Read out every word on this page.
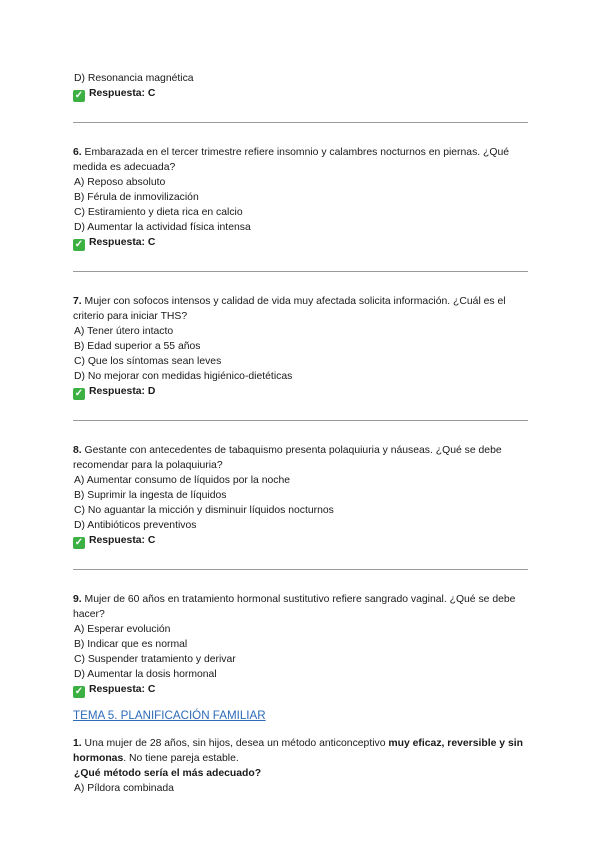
D) Resonancia magnética
✓ Respuesta: C
6. Embarazada en el tercer trimestre refiere insomnio y calambres nocturnos en piernas. ¿Qué medida es adecuada?
A) Reposo absoluto
B) Férula de inmovilización
C) Estiramiento y dieta rica en calcio
D) Aumentar la actividad física intensa
✓ Respuesta: C
7. Mujer con sofocos intensos y calidad de vida muy afectada solicita información. ¿Cuál es el criterio para iniciar THS?
A) Tener útero intacto
B) Edad superior a 55 años
C) Que los síntomas sean leves
D) No mejorar con medidas higiénico-dietéticas
✓ Respuesta: D
8. Gestante con antecedentes de tabaquismo presenta polaquiuria y náuseas. ¿Qué se debe recomendar para la polaquiuria?
A) Aumentar consumo de líquidos por la noche
B) Suprimir la ingesta de líquidos
C) No aguantar la micción y disminuir líquidos nocturnos
D) Antibióticos preventivos
✓ Respuesta: C
9. Mujer de 60 años en tratamiento hormonal sustitutivo refiere sangrado vaginal. ¿Qué se debe hacer?
A) Esperar evolución
B) Indicar que es normal
C) Suspender tratamiento y derivar
D) Aumentar la dosis hormonal
✓ Respuesta: C
TEMA 5. PLANIFICACIÓN FAMILIAR
1. Una mujer de 28 años, sin hijos, desea un método anticonceptivo muy eficaz, reversible y sin hormonas. No tiene pareja estable.
¿Qué método sería el más adecuado?
A) Píldora combinada
